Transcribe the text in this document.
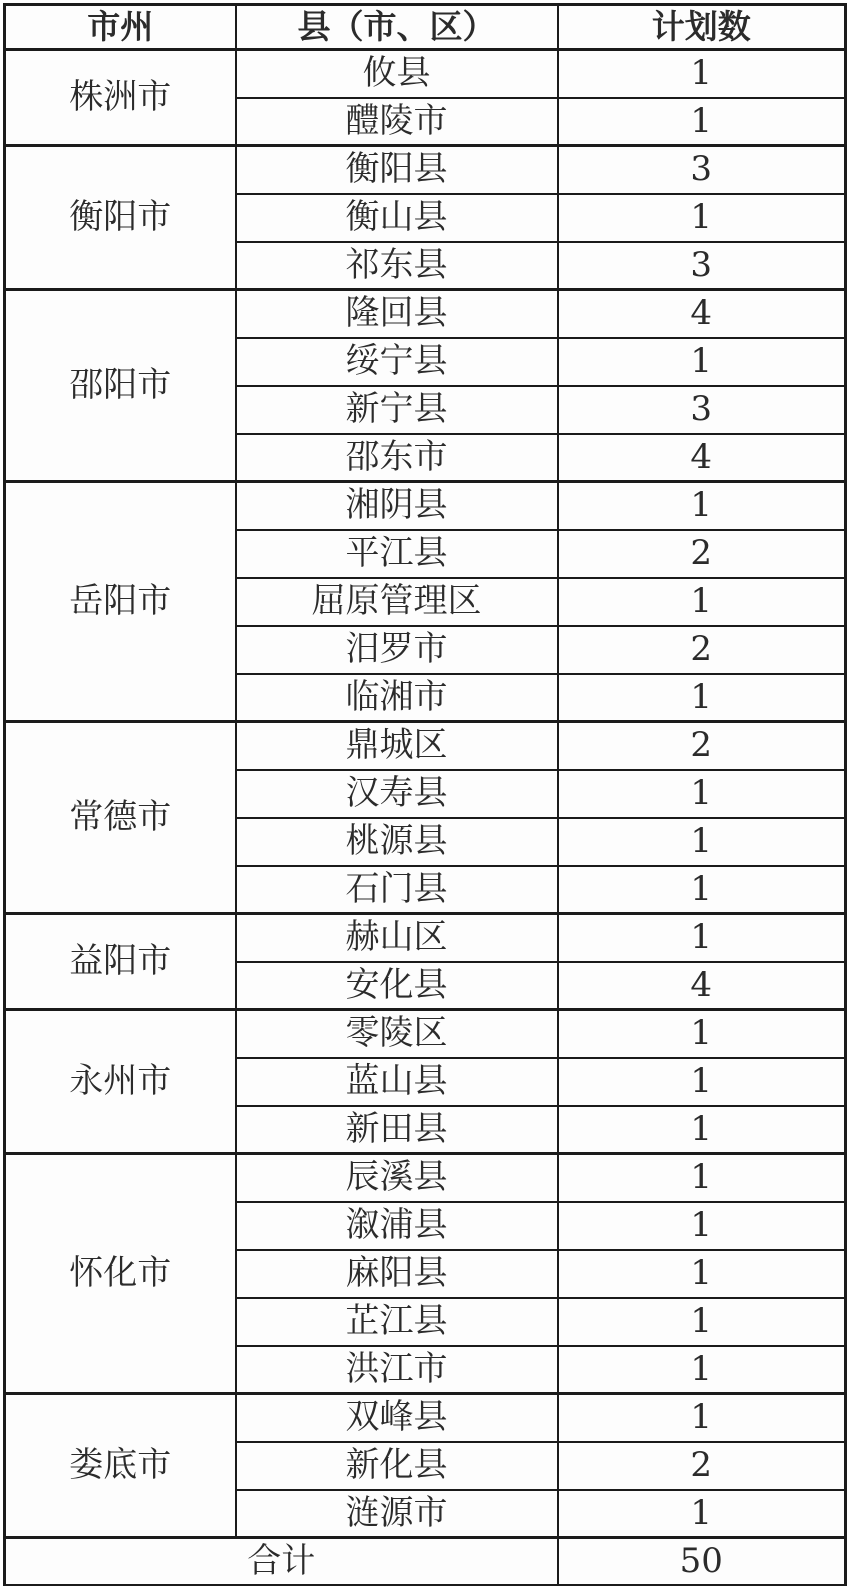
市州	县（市、区）	计划数
株洲市	攸县	1
	醴陵市	1
衡阳市	衡阳县	3
	衡山县	1
	祁东县	3
邵阳市	隆回县	4
	绥宁县	1
	新宁县	3
	邵东市	4
岳阳市	湘阴县	1
	平江县	2
	屈原管理区	1
	汨罗市	2
	临湘市	1
常德市	鼎城区	2
	汉寿县	1
	桃源县	1
	石门县	1
益阳市	赫山区	1
	安化县	4
永州市	零陵区	1
	蓝山县	1
	新田县	1
怀化市	辰溪县	1
	溆浦县	1
	麻阳县	1
	芷江县	1
	洪江市	1
娄底市	双峰县	1
	新化县	2
	涟源市	1
合计		50
